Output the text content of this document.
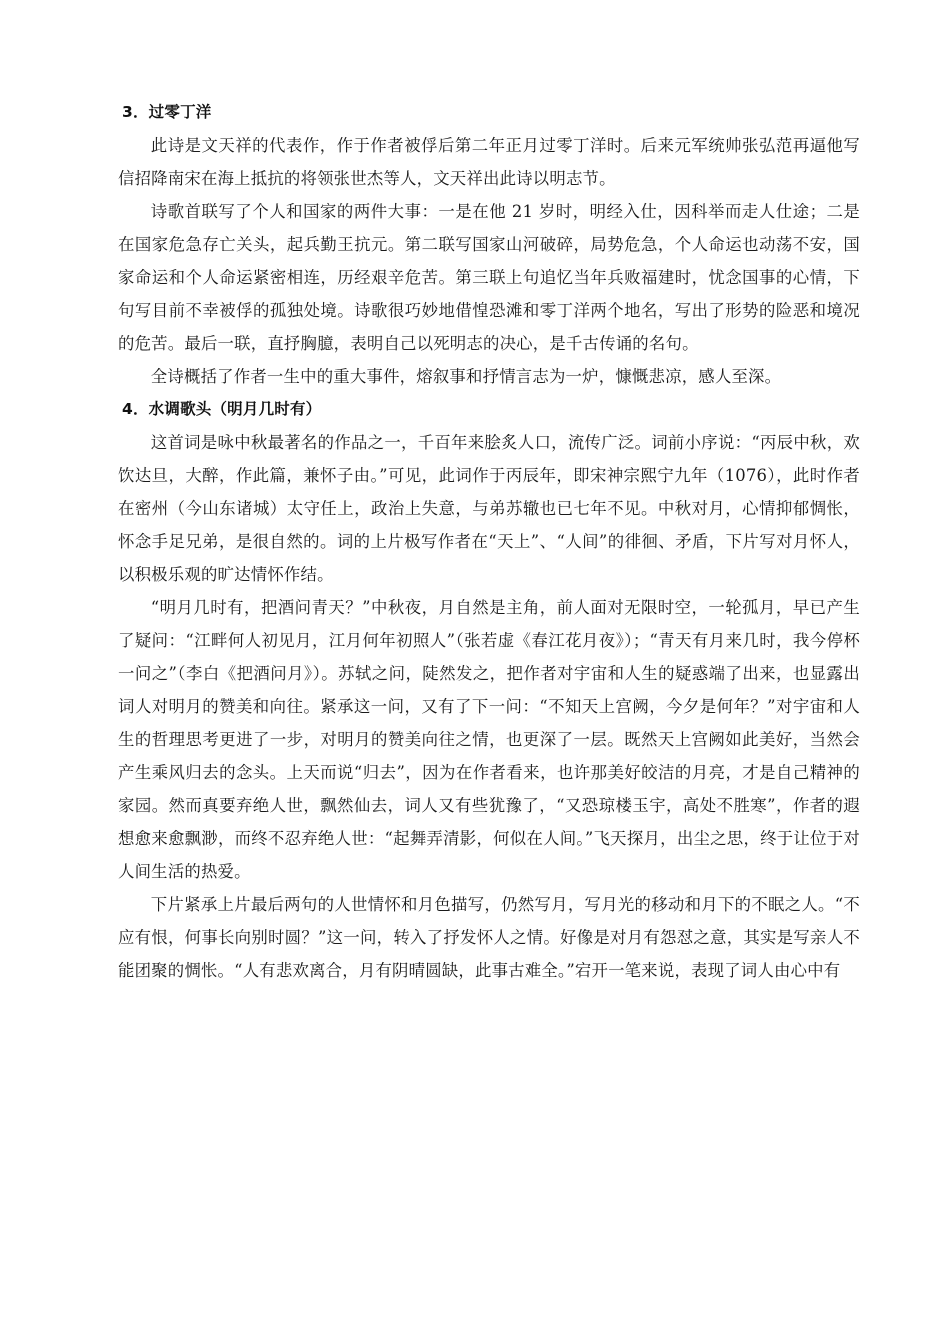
3．过零丁洋

此诗是文天祥的代表作，作于作者被俘后第二年正月过零丁洋时。后来元军统帅张弘范再逼他写信招降南宋在海上抵抗的将领张世杰等人，文天祥出此诗以明志节。

诗歌首联写了个人和国家的两件大事：一是在他 21 岁时，明经入仕，因科举而走人仕途；二是在国家危急存亡关头，起兵勤王抗元。第二联写国家山河破碎，局势危急，个人命运也动荡不安，国家命运和个人命运紧密相连，历经艰辛危苦。第三联上句追忆当年兵败福建时，忧念国事的心情，下句写目前不幸被俘的孤独处境。诗歌很巧妙地借惶恐滩和零丁洋两个地名，写出了形势的险恶和境况的危苦。最后一联，直抒胸臆，表明自己以死明志的决心，是千古传诵的名句。

全诗概括了作者一生中的重大事件，熔叙事和抒情言志为一炉，慷慨悲凉，感人至深。

4．水调歌头（明月几时有）

这首词是咏中秋最著名的作品之一，千百年来脍炙人口，流传广泛。词前小序说：“丙辰中秋，欢饮达旦，大醉，作此篇，兼怀子由。”可见，此词作于丙辰年，即宋神宗熙宁九年（1076），此时作者在密州（今山东诸城）太守任上，政治上失意，与弟苏辙也已七年不见。中秋对月，心情抑郁惆怅，怀念手足兄弟，是很自然的。词的上片极写作者在“天上”、“人间”的徘徊、矛盾，下片写对月怀人，以积极乐观的旷达情怀作结。

“明月几时有，把酒问青天？”中秋夜，月自然是主角，前人面对无限时空，一轮孤月，早已产生了疑问：“江畔何人初见月，江月何年初照人”（张若虚《春江花月夜》）；“青天有月来几时，我今停杯一问之”（李白《把酒问月》）。苏轼之问，陡然发之，把作者对宇宙和人生的疑惑端了出来，也显露出词人对明月的赞美和向往。紧承这一问，又有了下一问：“不知天上宫阙，今夕是何年？”对宇宙和人生的哲理思考更进了一步，对明月的赞美向往之情，也更深了一层。既然天上宫阙如此美好，当然会产生乘风归去的念头。上天而说“归去”，因为在作者看来，也许那美好皎洁的月亮，才是自己精神的家园。然而真要弃绝人世，飘然仙去，词人又有些犹豫了，“又恐琼楼玉宇，高处不胜寒”，作者的遐想愈来愈飘渺，而终不忍弃绝人世：“起舞弄清影，何似在人间。”飞天探月，出尘之思，终于让位于对人间生活的热爱。

下片紧承上片最后两句的人世情怀和月色描写，仍然写月，写月光的移动和月下的不眠之人。“不应有恨，何事长向别时圆？”这一问，转入了抒发怀人之情。好像是对月有怨怼之意，其实是写亲人不能团聚的惆怅。“人有悲欢离合，月有阴晴圆缺，此事古难全。”宕开一笔来说，表现了词人由心中有
